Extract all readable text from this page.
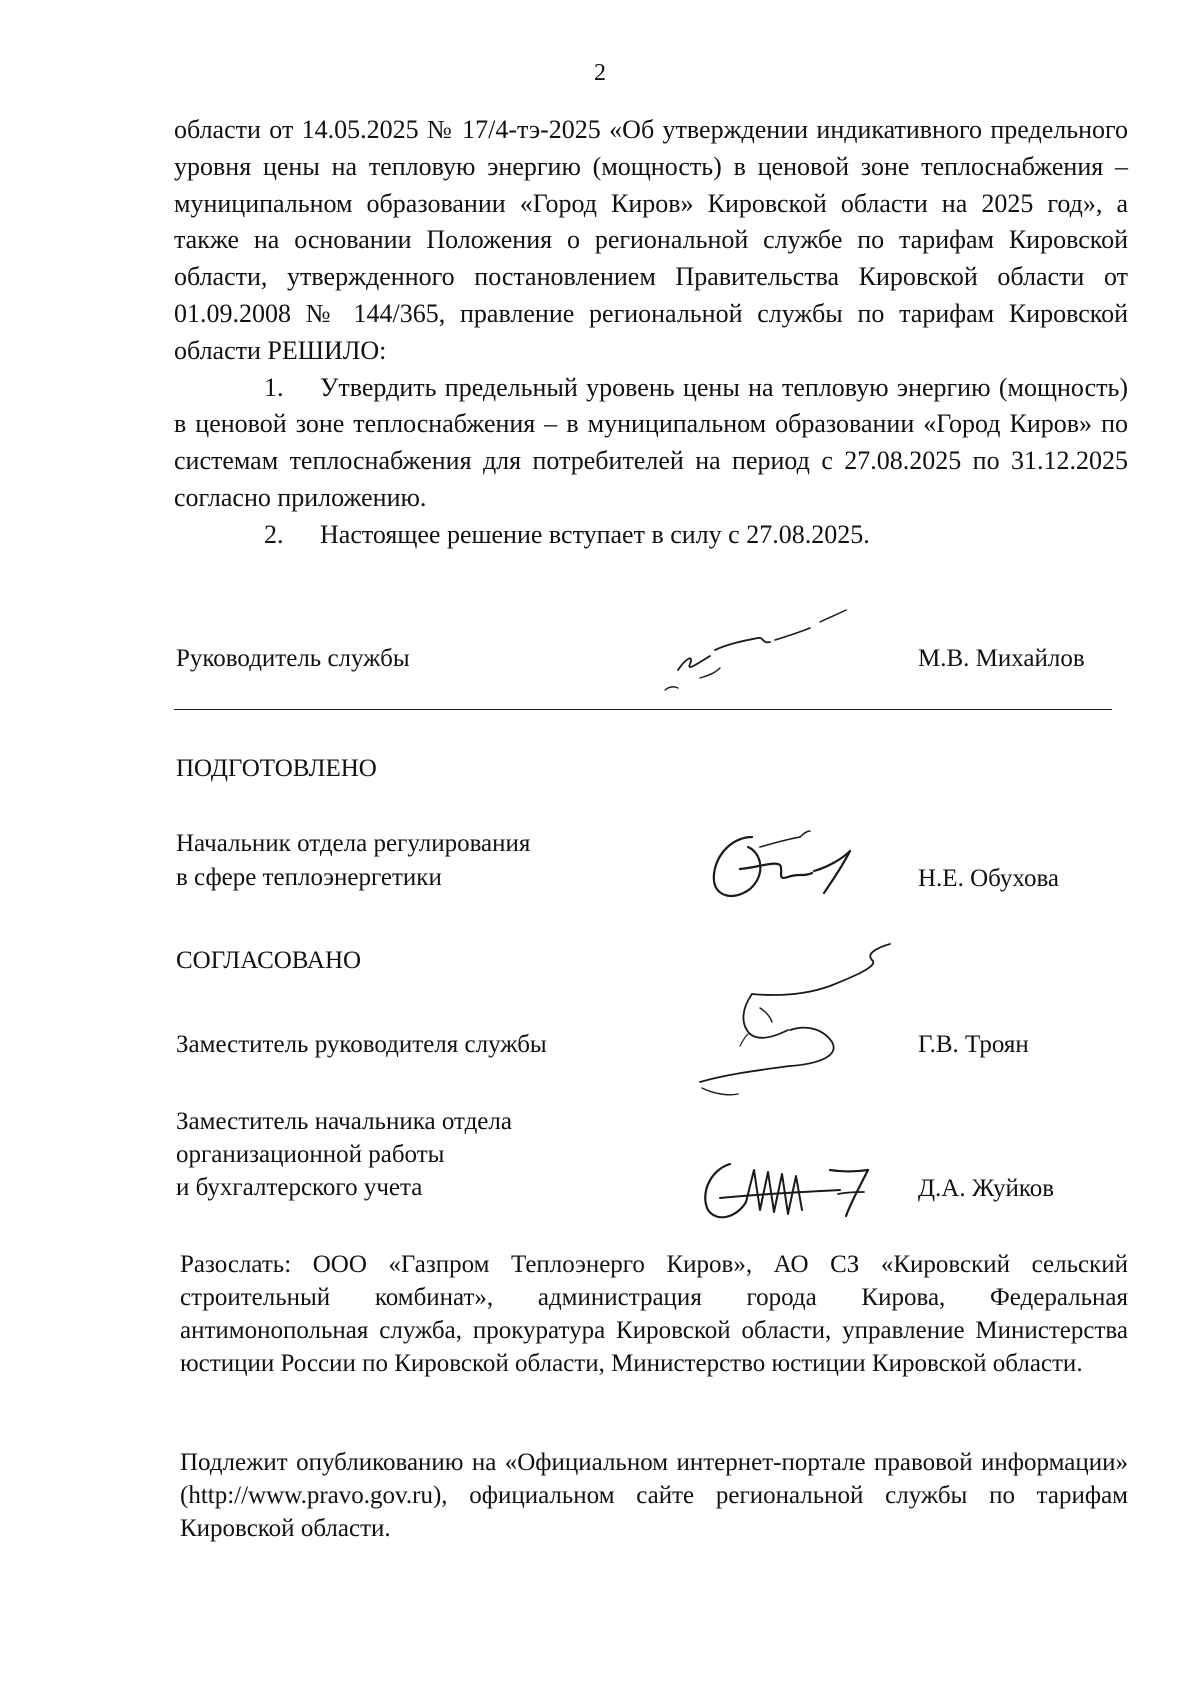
2

области от 14.05.2025 № 17/4-тэ-2025 «Об утверждении индикативного предельного уровня цены на тепловую энергию (мощность) в ценовой зоне теплоснабжения – муниципальном образовании «Город Киров» Кировской области на 2025 год», а также на основании Положения о региональной службе по тарифам Кировской области, утвержденного постановлением Правительства Кировской области от 01.09.2008 № 144/365, правление региональной службы по тарифам Кировской области РЕШИЛО:

1. Утвердить предельный уровень цены на тепловую энергию (мощность) в ценовой зоне теплоснабжения – в муниципальном образовании «Город Киров» по системам теплоснабжения для потребителей на период с 27.08.2025 по 31.12.2025 согласно приложению.

2. Настоящее решение вступает в силу с 27.08.2025.

Руководитель службы	М.В. Михайлов
ПОДГОТОВЛЕНО
Начальник отдела регулирования
в сфере теплоэнергетики	Н.Е. Обухова
СОГЛАСОВАНО
Заместитель руководителя службы	Г.В. Троян
Заместитель начальника отдела
организационной работы
и бухгалтерского учета	Д.А. Жуйков

Разослать: ООО «Газпром Теплоэнерго Киров», АО СЗ «Кировский сельский строительный комбинат», администрация города Кирова, Федеральная антимонопольная служба, прокуратура Кировской области, управление Министерства юстиции России по Кировской области, Министерство юстиции Кировской области.

Подлежит опубликованию на «Официальном интернет-портале правовой информации» (http://www.pravo.gov.ru), официальном сайте региональной службы по тарифам Кировской области.
